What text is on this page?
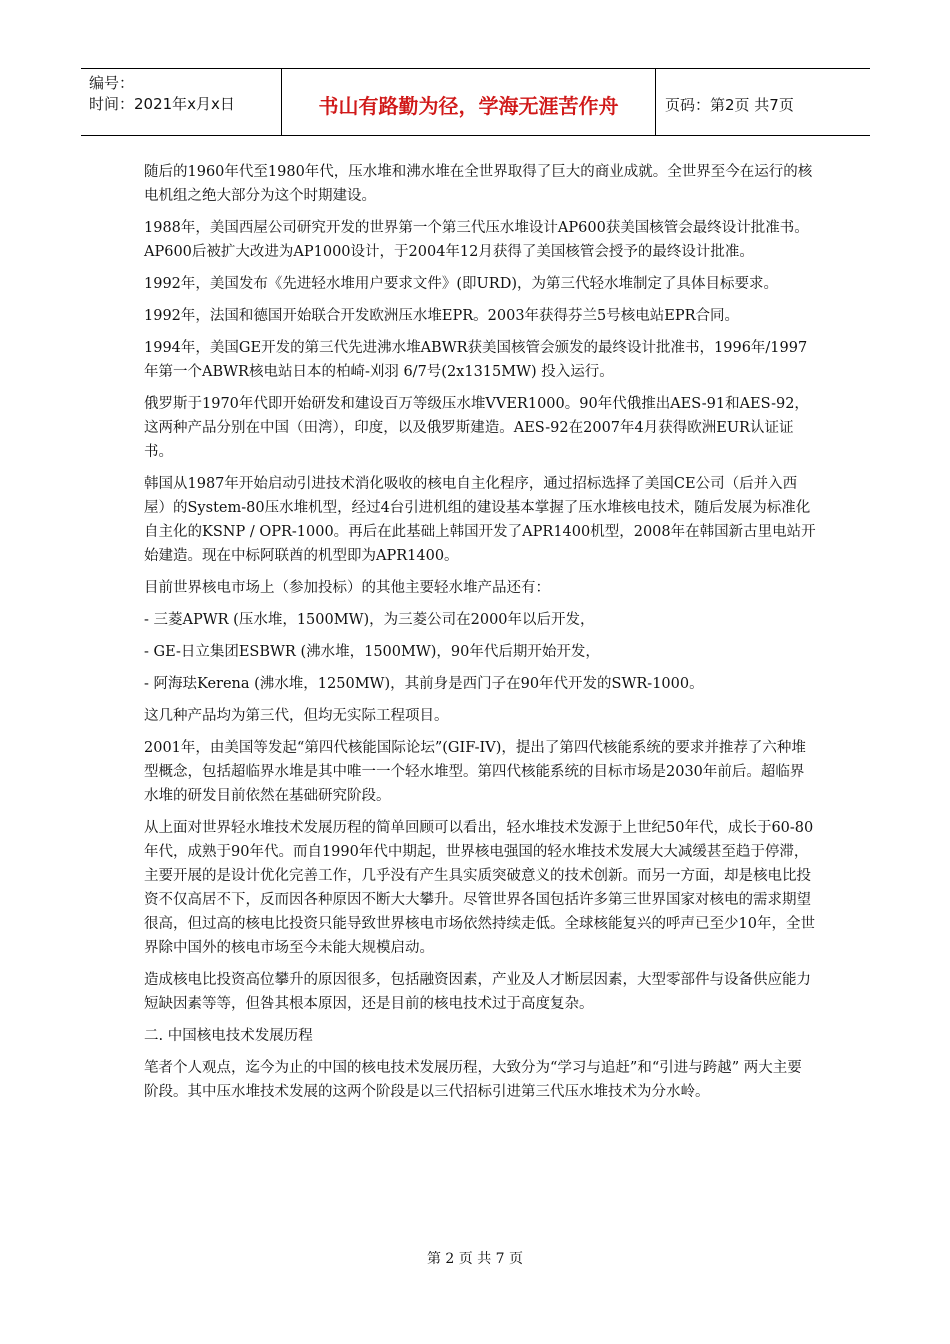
编号：
时间：2021年x月x日	书山有路勤为径，学海无涯苦作舟	页码：第2页 共7页

随后的1960年代至1980年代，压水堆和沸水堆在全世界取得了巨大的商业成就。全世界至今在运行的核电机组之绝大部分为这个时期建设。

1988年，美国西屋公司研究开发的世界第一个第三代压水堆设计AP600获美国核管会最终设计批准书。AP600后被扩大改进为AP1000设计，于2004年12月获得了美国核管会授予的最终设计批准。

1992年，美国发布《先进轻水堆用户要求文件》(即URD)，为第三代轻水堆制定了具体目标要求。

1992年，法国和德国开始联合开发欧洲压水堆EPR。2003年获得芬兰5号核电站EPR合同。

1994年，美国GE开发的第三代先进沸水堆ABWR获美国核管会颁发的最终设计批准书，1996年/1997年第一个ABWR核电站日本的柏崎-刈羽 6/7号(2x1315MW) 投入运行。

俄罗斯于1970年代即开始研发和建设百万等级压水堆VVER1000。90年代俄推出AES-91和AES-92，这两种产品分别在中国（田湾），印度，以及俄罗斯建造。AES-92在2007年4月获得欧洲EUR认证证书。

韩国从1987年开始启动引进技术消化吸收的核电自主化程序，通过招标选择了美国CE公司（后并入西屋）的System-80压水堆机型，经过4台引进机组的建设基本掌握了压水堆核电技术，随后发展为标准化自主化的KSNP / OPR-1000。再后在此基础上韩国开发了APR1400机型，2008年在韩国新古里电站开始建造。现在中标阿联酋的机型即为APR1400。

目前世界核电市场上（参加投标）的其他主要轻水堆产品还有：

- 三菱APWR (压水堆，1500MW)，为三菱公司在2000年以后开发，

- GE-日立集团ESBWR (沸水堆，1500MW)，90年代后期开始开发，

- 阿海珐Kerena (沸水堆，1250MW)，其前身是西门子在90年代开发的SWR-1000。

这几种产品均为第三代，但均无实际工程项目。

2001年，由美国等发起“第四代核能国际论坛”(GIF-IV)，提出了第四代核能系统的要求并推荐了六种堆型概念，包括超临界水堆是其中唯一一个轻水堆型。第四代核能系统的目标市场是2030年前后。超临界水堆的研发目前依然在基础研究阶段。

从上面对世界轻水堆技术发展历程的简单回顾可以看出，轻水堆技术发源于上世纪50年代，成长于60-80年代，成熟于90年代。而自1990年代中期起，世界核电强国的轻水堆技术发展大大减缓甚至趋于停滞，主要开展的是设计优化完善工作，几乎没有产生具实质突破意义的技术创新。而另一方面，却是核电比投资不仅高居不下，反而因各种原因不断大大攀升。尽管世界各国包括许多第三世界国家对核电的需求期望很高，但过高的核电比投资只能导致世界核电市场依然持续走低。全球核能复兴的呼声已至少10年，全世界除中国外的核电市场至今未能大规模启动。

造成核电比投资高位攀升的原因很多，包括融资因素，产业及人才断层因素，大型零部件与设备供应能力短缺因素等等，但咎其根本原因，还是目前的核电技术过于高度复杂。

二. 中国核电技术发展历程

笔者个人观点，迄今为止的中国的核电技术发展历程，大致分为“学习与追赶”和“引进与跨越” 两大主要阶段。其中压水堆技术发展的这两个阶段是以三代招标引进第三代压水堆技术为分水岭。

第 2 页 共 7 页
